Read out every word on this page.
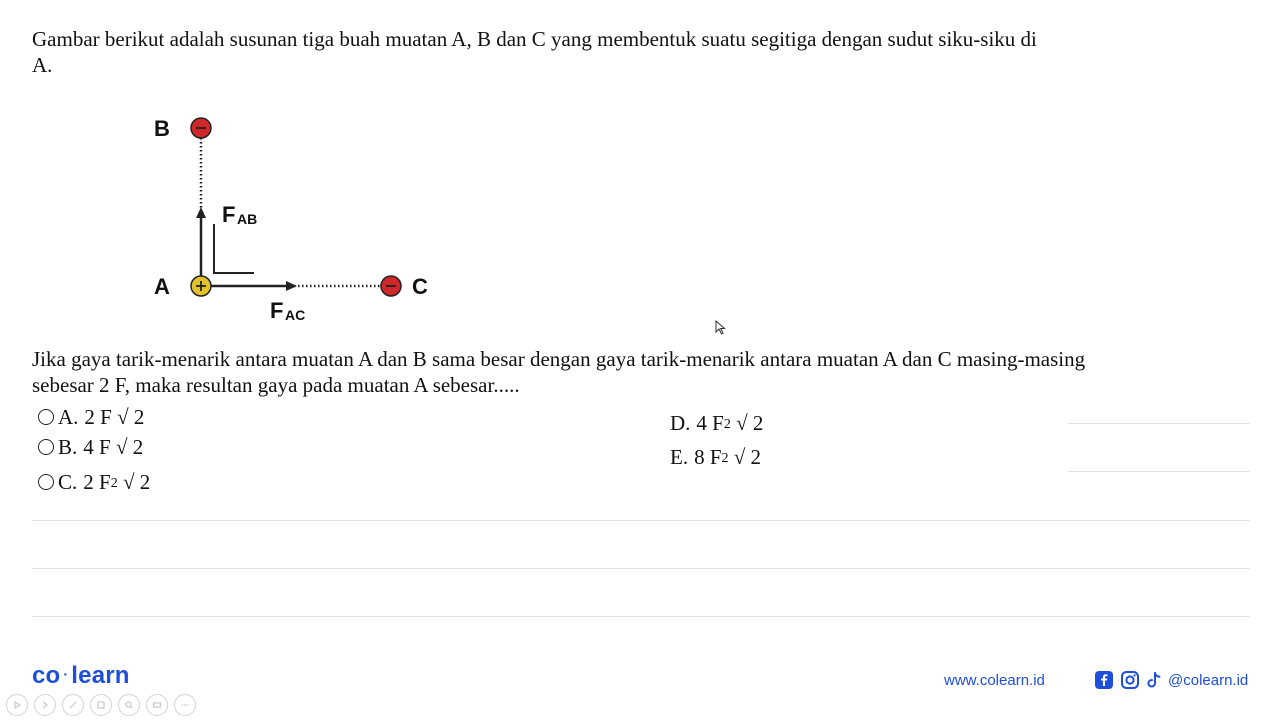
Gambar berikut adalah susunan tiga buah muatan A, B dan C yang membentuk suatu segitiga dengan sudut siku-siku di A.
B
A	C
F AB
F AC
Jika gaya tarik-menarik antara muatan A dan B sama besar dengan gaya tarik-menarik antara muatan A dan C masing-masing sebesar 2 F, maka resultan gaya pada muatan A sebesar.....
A. 2 F √ 2
B. 4 F √ 2
C. 2 $F^2$ √ 2
D. 4 $F^2$ √ 2
E. 8 $F^2$ √ 2
co · learn	www.colearn.id	@colearn.id
